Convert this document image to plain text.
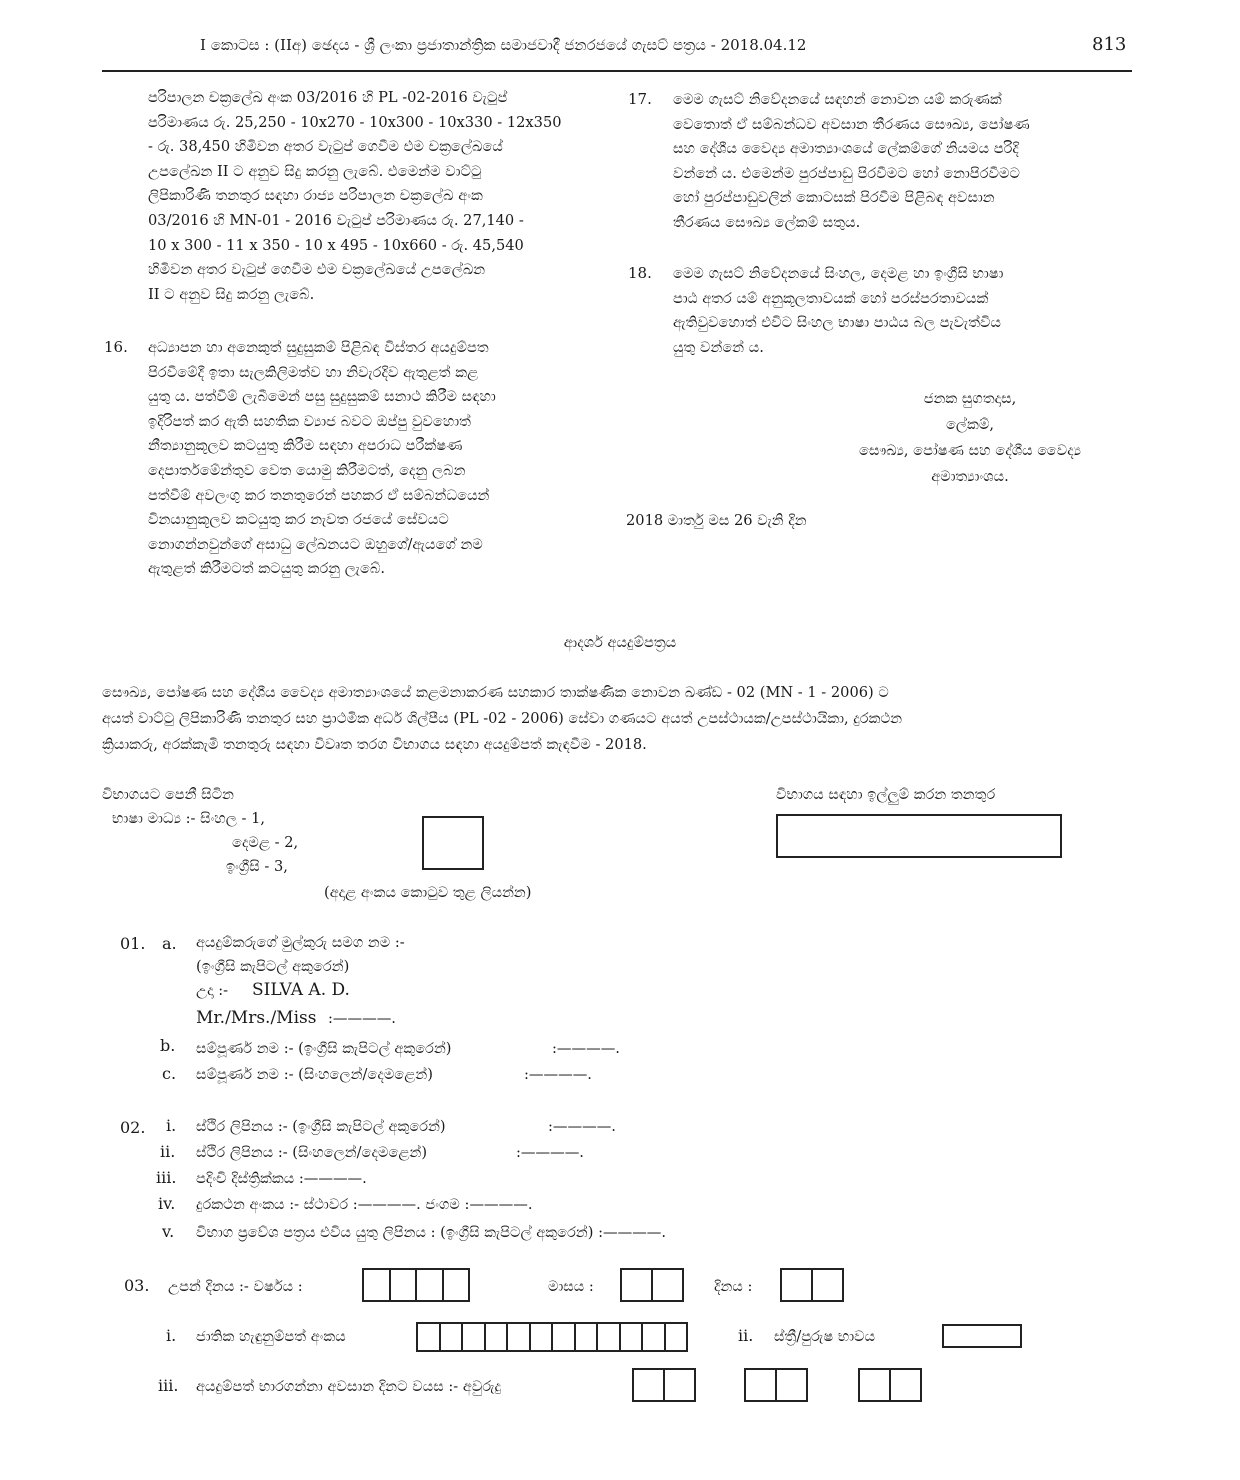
I කොටස : (IIඅ) ඡෙදය - ශ්‍රී ලංකා ප්‍රජාතාන්ත්‍රික සමාජවාදී ජනරජයේ ගැසට් පත්‍රය - 2018.04.12	813

පරිපාලන චක්‍රලේඛ අංක 03/2016 හි PL -02-2016 වැටුප්

පරිමාණය රු. 25,250 - 10x270 - 10x300 - 10x330 - 12x350

- රු. 38,450 හිමිවන අතර වැටුප් ගෙවීම එම චක්‍රලේඛයේ

උපලේඛන II ට අනුව සිදු කරනු ලැබේ. එමෙන්ම වාට්ටු

ලිපිකාරිණි තනතුර සඳහා රාජ්‍ය පරිපාලන චක්‍රලේඛ අංක

03/2016 හි MN-01 - 2016 වැටුප් පරිමාණය රු. 27,140 -

10 x 300 - 11 x 350 - 10 x 495 - 10x660 - රු. 45,540

හිමිවන අතර වැටුප් ගෙවීම එම චක්‍රලේඛයේ උපලේඛන

II ට අනුව සිදු කරනු ලැබේ.

16. අධ්‍යාපන හා අනෙකුත් සුදුසුකම් පිළිබඳ විස්තර අයදුම්පත

පිරවීමේදී ඉතා සැලකිලිමත්ව හා නිවැරදිව ඇතුළත් කළ

යුතු ය. පත්වීම් ලැබීමෙන් පසු සුදුසුකම් සනාථ කිරීම සඳහා

ඉදිරිපත් කර ඇති සහතික ව්‍යාජ බවට ඔප්පු වුවහොත්

නීත්‍යානුකූලව කටයුතු කිරීම සඳහා අපරාධ පරීක්ෂණ

දෙපාර්තමේන්තුව වෙත යොමු කිරීමටත්, දෙනු ලබන

පත්වීම් අවලංගු කර තනතුරෙන් පහකර ඒ සම්බන්ධයෙන්

විනයානුකූලව කටයුතු කර නැවත රජයේ සේවයට

නොගන්නවුන්ගේ අසාධු ලේඛනයට ඔහුගේ/ඇයගේ නම

ඇතුළත් කිරීමටත් කටයුතු කරනු ලැබේ.

17. මෙම ගැසට් නිවේදනයේ සඳහන් නොවන යම් කරුණක්

වෙතොත් ඒ සම්බන්ධව අවසාන තීරණය සෞඛ්‍ය, පෝෂණ

සහ දේශීය වෛද්‍ය අමාත්‍යාංශයේ ලේකම්ගේ නියමය පරිදි

වන්නේ ය. එමෙන්ම පුරප්පාඩු පිරවීමට හෝ නොපිරවීමට

හෝ පුරප්පාඩුවලින් කොටසක් පිරවීම පිළිබඳ අවසාන

තීරණය සෞඛ්‍ය ලේකම් සතුය.

18. මෙම ගැසට් නිවේදනයේ සිංහල, දෙමළ හා ඉංග්‍රීසි භාෂා

පාඨ අතර යම් අනුකූලතාවයක් හෝ පරස්පරතාවයක්

ඇතිවුවහොත් එවිට සිංහල භාෂා පාඨය බල පැවැත්විය

යුතු වන්නේ ය.

ජනක සුගතදාස,
ලේකම්,
සෞඛ්‍ය, පෝෂණ සහ දේශීය වෛද්‍ය
අමාත්‍යාංශය.
2018 මාර්තු මස 26 වැනි දින
ආදර්ශ අයදුම්පත්‍රය

සෞඛ්‍ය, පෝෂණ සහ දේශීය වෛද්‍ය අමාත්‍යාංශයේ කළමනාකරණ සහකාර තාක්ෂණික නොවන ඛණ්ඩ - 02 (MN - 1 - 2006) ට

අයත් වාට්ටු ලිපිකාරිණි තනතුර සහ ප්‍රාථමික අර්ධ ශිල්පීය (PL -02 - 2006) සේවා ගණයට අයත් උපස්ථායක/උපස්ථායිකා, දුරකථන

ක්‍රියාකරු, අරක්කැමි තනතුරු සඳහා විවෘත තරග විභාගය සඳහා අයදුම්පත් කැඳවීම - 2018.

විභාගයට පෙනී සිටින
භාෂා මාධ්‍ය :- සිංහල - 1,
දෙමළ - 2,
ඉංග්‍රීසි - 3,
(අදාළ අංකය කොටුව තුළ ලියන්න)
විභාගය සඳහා ඉල්ලුම් කරන තනතුර
01. a. අයදුම්කරුගේ මුල්කුරු සමග නම :-
(ඉංග්‍රීසි කැපිටල් අකුරෙන්)
උදා :- SILVA A. D.
Mr./Mrs./Miss :————.
b. සම්පූර්ණ නම :- (ඉංග්‍රීසි කැපිටල් අකුරෙන්)	:————.
c. සම්පූර්ණ නම :- (සිංහලෙන්/දෙමළෙන්)	:————.
02. i. ස්ථිර ලිපිනය :- (ඉංග්‍රීසි කැපිටල් අකුරෙන්)	:————.
ii. ස්ථිර ලිපිනය :- (සිංහලෙන්/දෙමළෙන්)	:————.
iii. පදිංචි දිස්ත්‍රික්කය :————.
iv. දුරකථන අංකය :- ස්ථාවර :————. ජංගම :————.
v. විභාග ප්‍රවේශ පත්‍රය එවිය යුතු ලිපිනය : (ඉංග්‍රීසි කැපිටල් අකුරෙන්) :————.
03. උපන් දිනය :- වර්ෂය :	මාසය :	දිනය :
i. ජාතික හැඳුනුම්පත් අංකය	ii. ස්ත්‍රී/පුරුෂ භාවය
iii. අයදුම්පත් භාරගන්නා අවසාන දිනට වයස :- අවුරුදු
